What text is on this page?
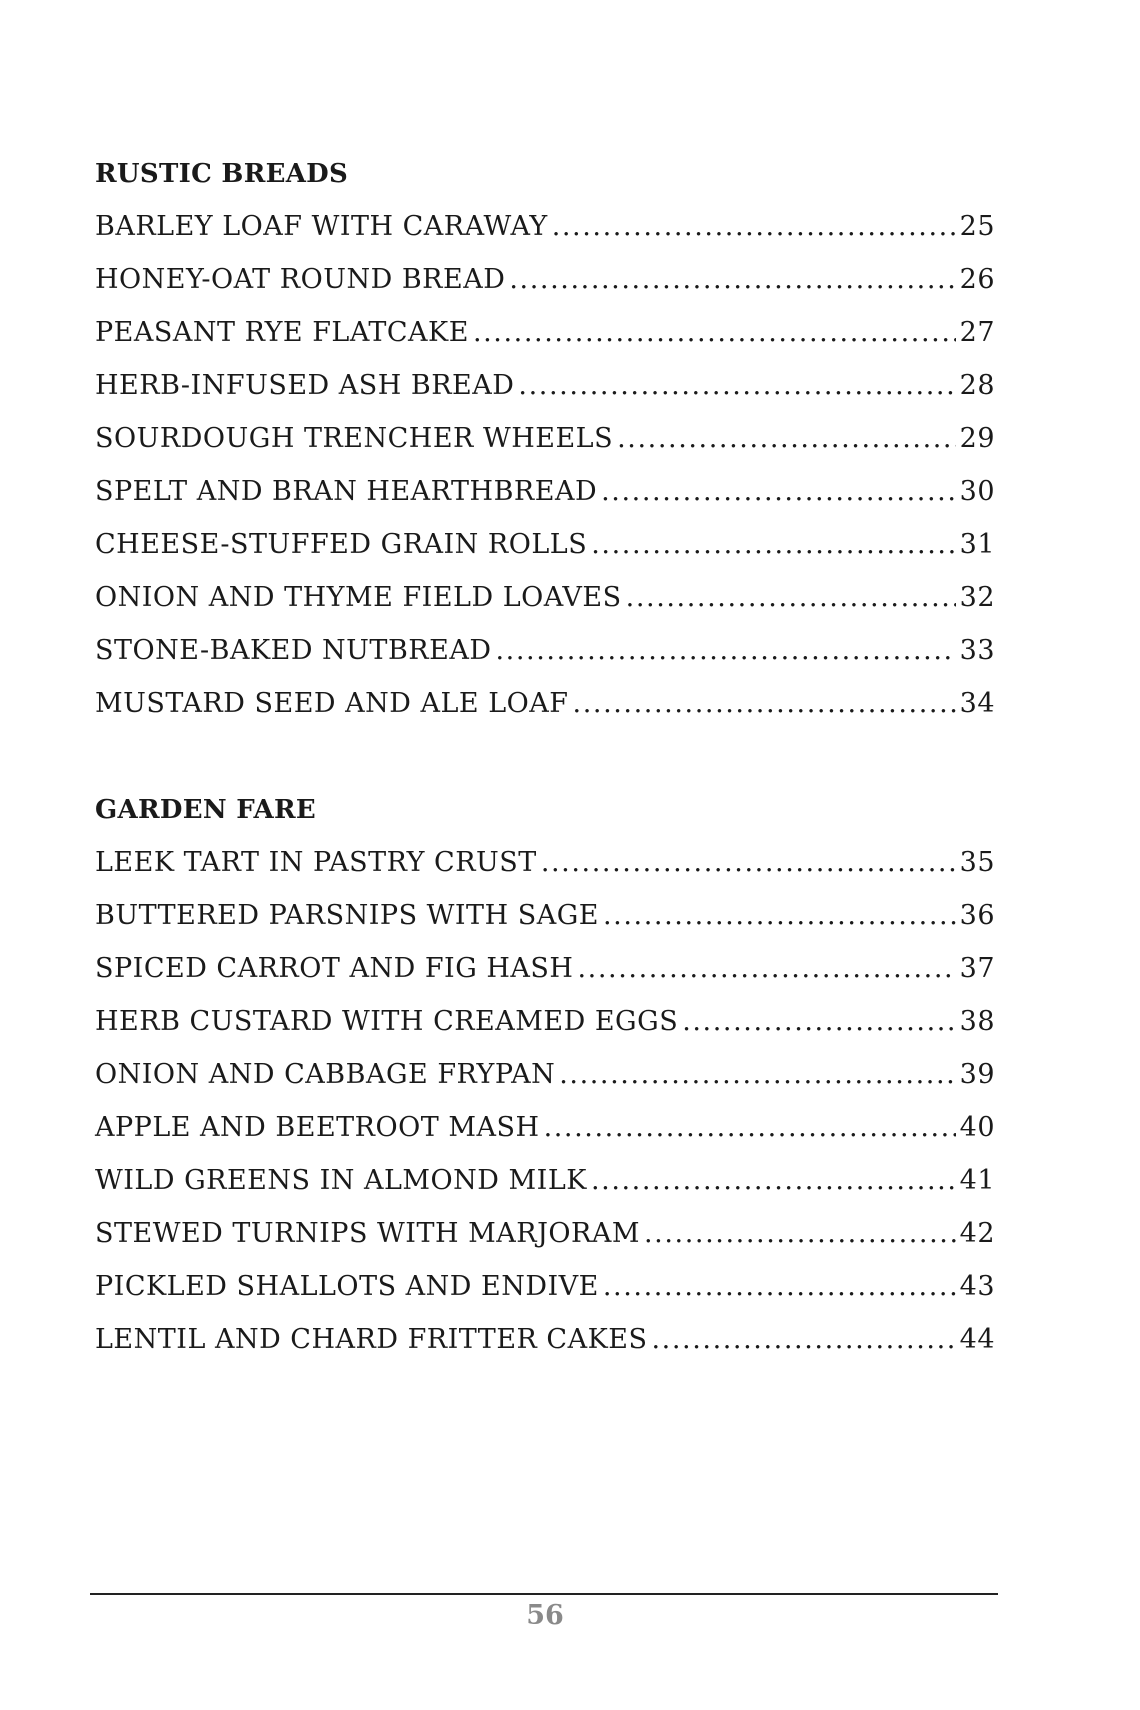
RUSTIC BREADS
BARLEY LOAF WITH CARAWAY .....	25
HONEY-OAT ROUND BREAD .....	26
PEASANT RYE FLATCAKE .....	27
HERB-INFUSED ASH BREAD .....	28
SOURDOUGH TRENCHER WHEELS .....	29
SPELT AND BRAN HEARTHBREAD .....	30
CHEESE-STUFFED GRAIN ROLLS .....	31
ONION AND THYME FIELD LOAVES .....	32
STONE-BAKED NUTBREAD .....	33
MUSTARD SEED AND ALE LOAF .....	34
GARDEN FARE
LEEK TART IN PASTRY CRUST .....	35
BUTTERED PARSNIPS WITH SAGE .....	36
SPICED CARROT AND FIG HASH .....	37
HERB CUSTARD WITH CREAMED EGGS .....	38
ONION AND CABBAGE FRYPAN .....	39
APPLE AND BEETROOT MASH .....	40
WILD GREENS IN ALMOND MILK .....	41
STEWED TURNIPS WITH MARJORAM .....	42
PICKLED SHALLOTS AND ENDIVE .....	43
LENTIL AND CHARD FRITTER CAKES .....	44
56
